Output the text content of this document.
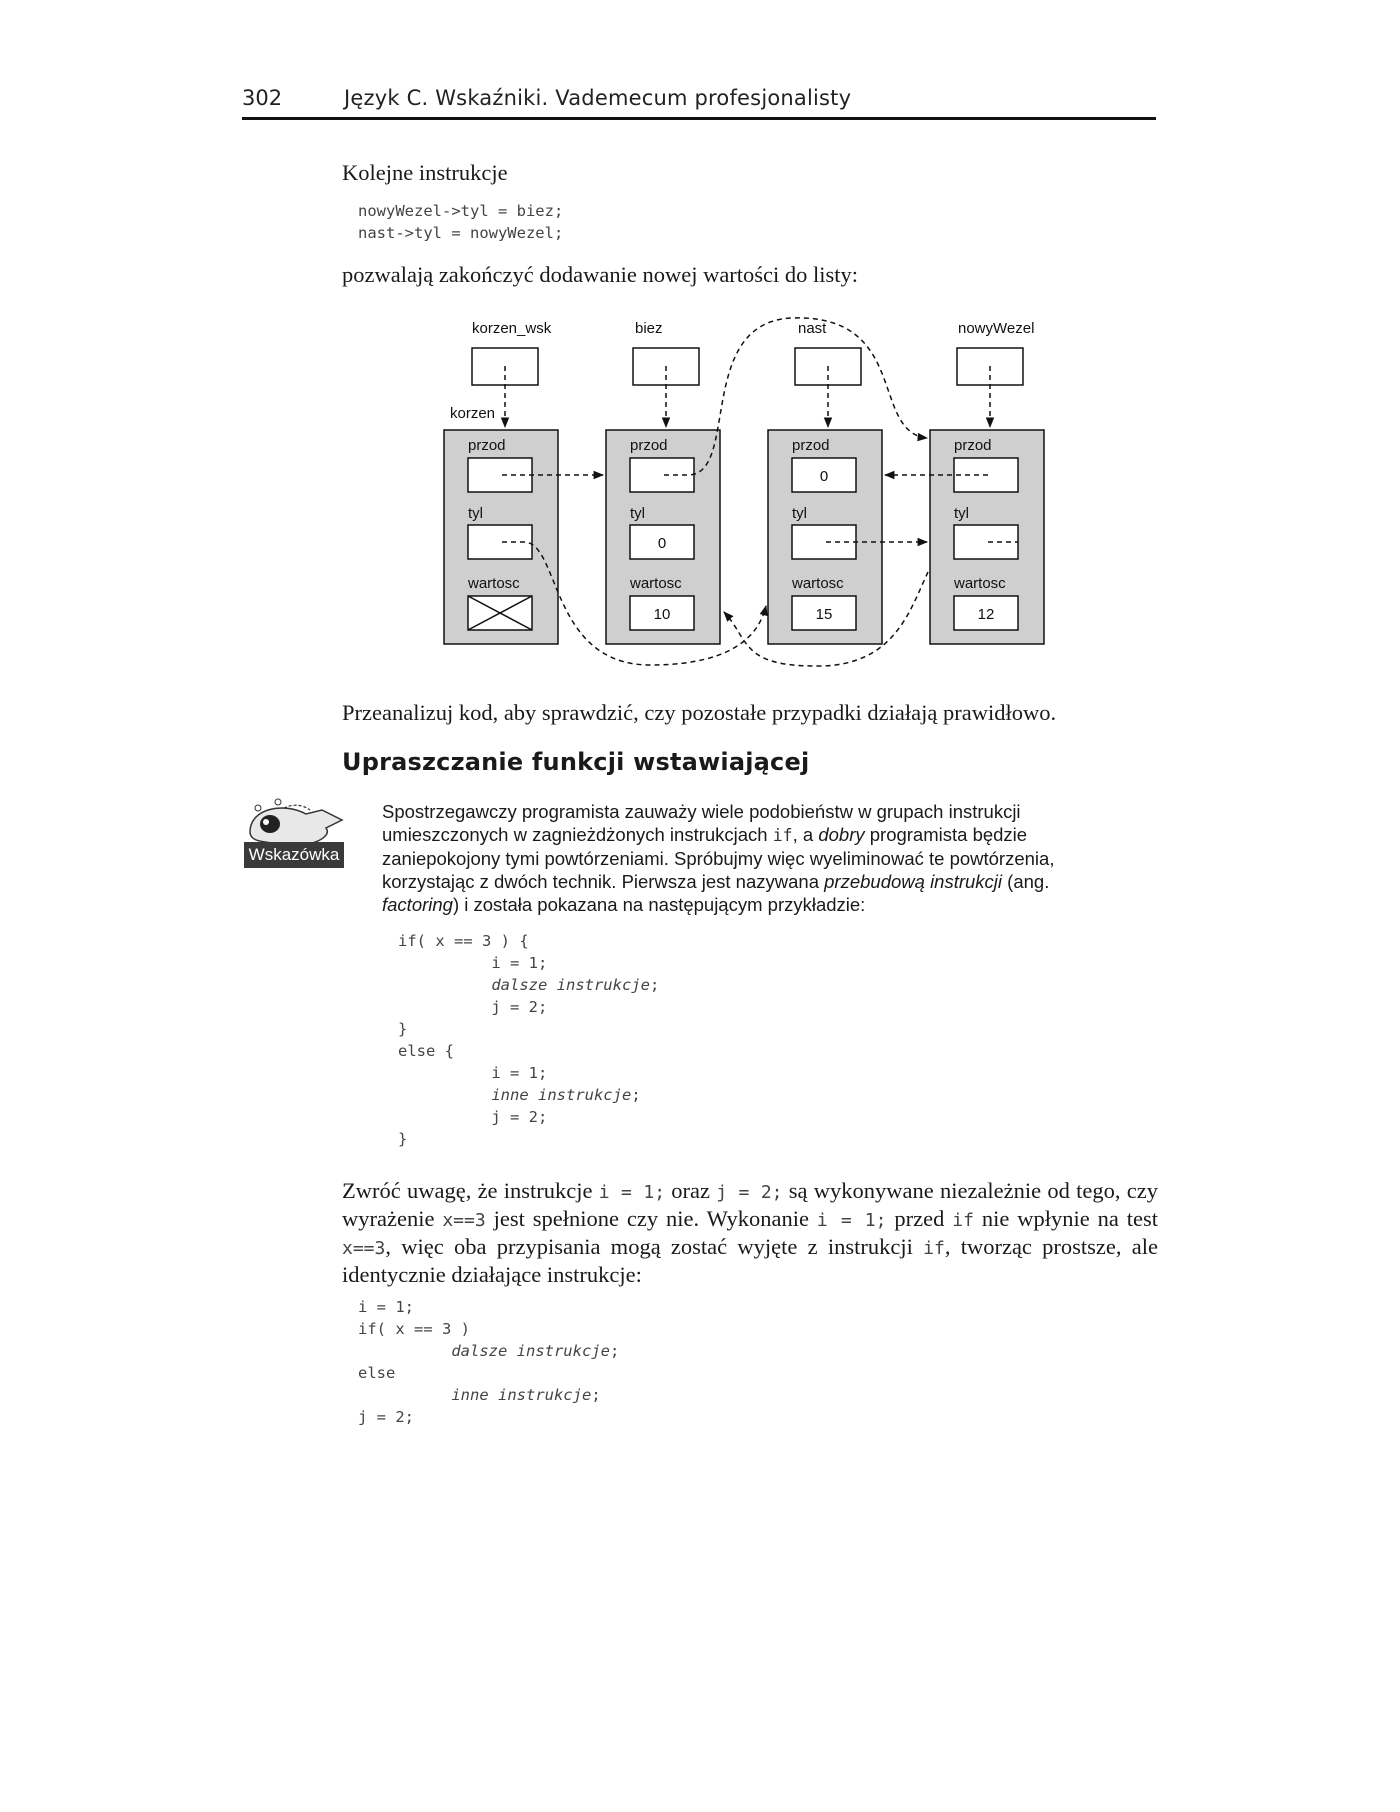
302	Język C. Wskaźniki. Vademecum profesjonalisty

Kolejne instrukcje

nowyWezel->tyl = biez;
nast->tyl = nowyWezel;

pozwalają zakończyć dodawanie nowej wartości do listy:

korzen_wsk	biez	nast	nowyWezel
korzen
przod
tyl
wartosc
przod
tyl
0
wartosc
10
przod
0
tyl
wartosc
15
przod
tyl
wartosc
12

Przeanalizuj kod, aby sprawdzić, czy pozostałe przypadki działają prawidłowo.

Upraszczanie funkcji wstawiającej
Wskazówka

Spostrzegawczy programista zauważy wiele podobieństw w grupach instrukcji umieszczonych w zagnieżdżonych instrukcjach if, a dobry programista będzie zaniepokojony tymi powtórzeniami. Spróbujmy więc wyeliminować te powtórzenia, korzystając z dwóch technik. Pierwsza jest nazywana przebudową instrukcji (ang. factoring) i została pokazana na następującym przykładzie:

if( x == 3 ) {
i = 1;
dalsze instrukcje;
j = 2;
}
else {
i = 1;
inne instrukcje;
j = 2;
}

Zwróć uwagę, że instrukcje i = 1; oraz j = 2; są wykonywane niezależnie od tego, czy wyrażenie x==3 jest spełnione czy nie. Wykonanie i = 1; przed if nie wpłynie na test x==3, więc oba przypisania mogą zostać wyjęte z instrukcji if, tworząc prostsze, ale identycznie działające instrukcje:

i = 1;
if( x == 3 )
dalsze instrukcje;
else
inne instrukcje;
j = 2;
